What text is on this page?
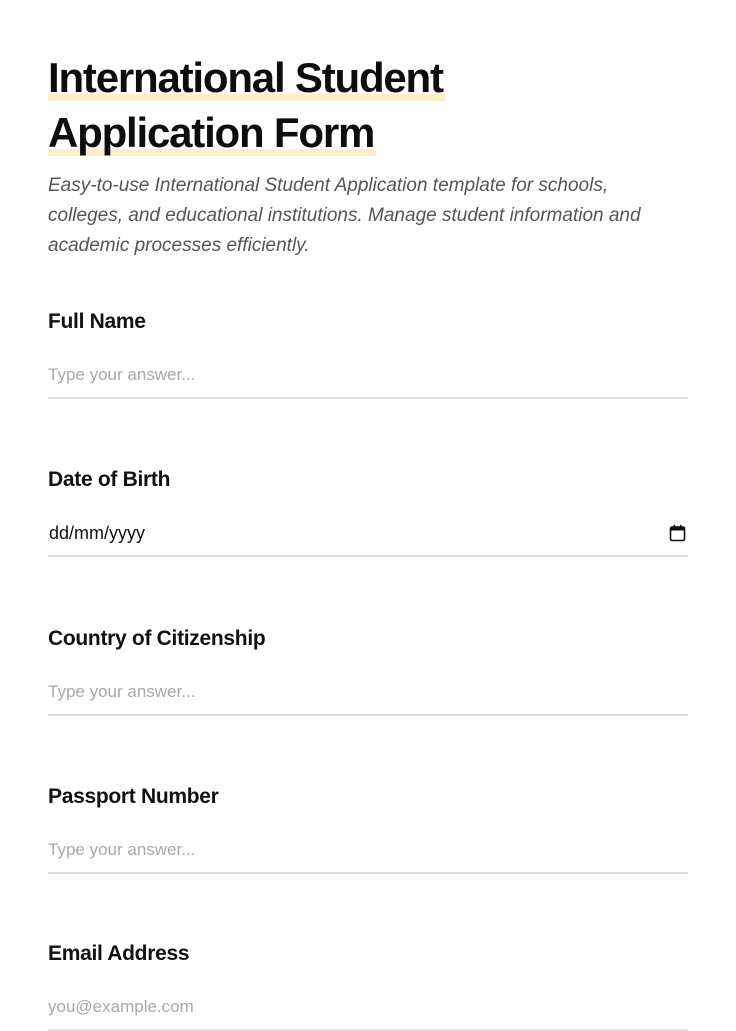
International Student
Application Form

Easy-to-use International Student Application template for schools, colleges, and educational institutions. Manage student information and academic processes efficiently.

Full Name
Type your answer...
Date of Birth
dd/mm/yyyy
Country of Citizenship
Type your answer...
Passport Number
Type your answer...
Email Address
you@example.com
